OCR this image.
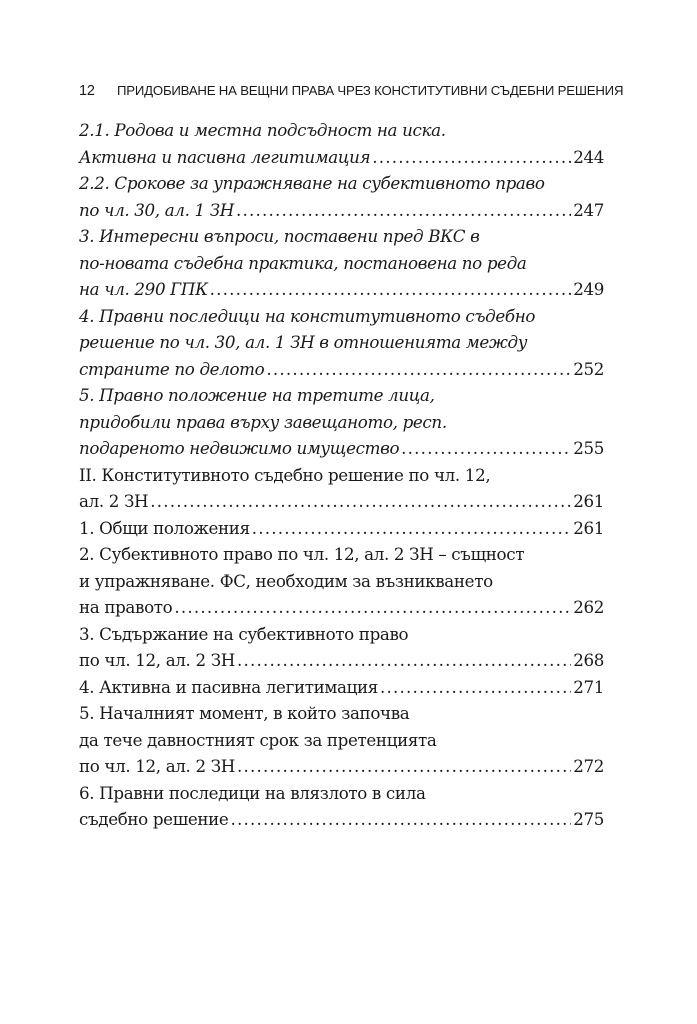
12 ПРИДОБИВАНЕ НА ВЕЩНИ ПРАВА ЧРЕЗ КОНСТИТУТИВНИ СЪДЕБНИ РЕШЕНИЯ
2.1. Родова и местна подсъдност на иска.
Активна и пасивна легитимация .....	244
2.2. Срокове за упражняване на субективното право
по чл. 30, ал. 1 ЗН .....	247
3. Интересни въпроси, поставени пред ВКС в
по-новата съдебна практика, постановена по реда
на чл. 290 ГПК .....	249
4. Правни последици на конститутивното съдебно
решение по чл. 30, ал. 1 ЗН в отношенията между
страните по делото .....	252
5. Правно положение на третите лица,
придобили права върху завещаното, респ.
подареното недвижимо имущество .....	255
II. Конститутивното съдебно решение по чл. 12,
ал. 2 ЗН .....	261
1. Общи положения .....	261
2. Субективното право по чл. 12, ал. 2 ЗН – същност
и упражняване. ФС, необходим за възникването
на правото .....	262
3. Съдържание на субективното право
по чл. 12, ал. 2 ЗН .....	268
4. Активна и пасивна легитимация .....	271
5. Началният момент, в който започва
да тече давностният срок за претенцията
по чл. 12, ал. 2 ЗН .....	272
6. Правни последици на влязлото в сила
съдебно решение .....	275
